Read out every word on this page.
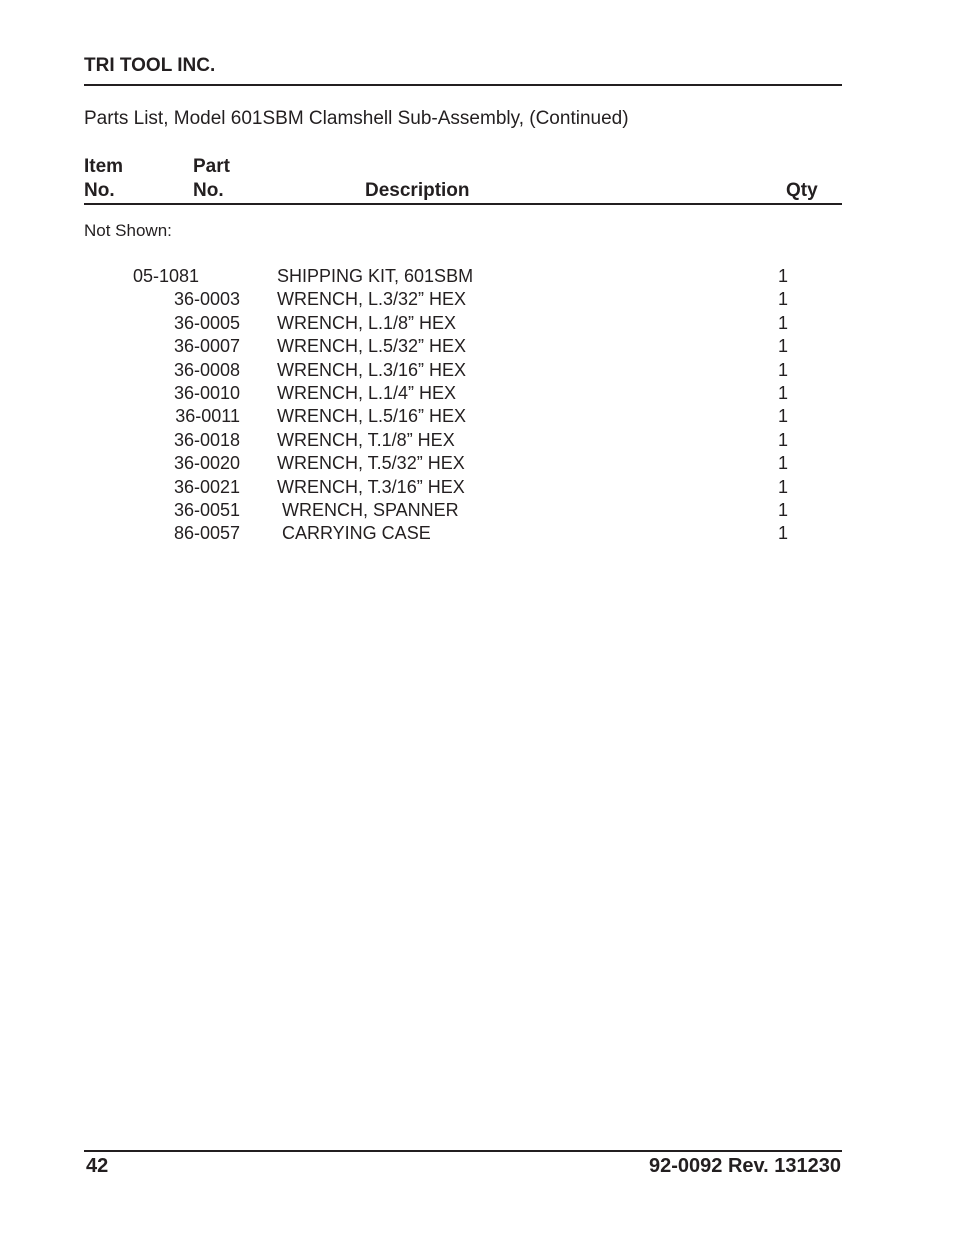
TRI TOOL INC.
Parts List, Model 601SBM Clamshell Sub-Assembly, (Continued)
Item
No.
Part
No.	Description	Qty
Not Shown:
05-1081	SHIPPING KIT, 601SBM	1
36-0003 WRENCH, L.3/32” HEX	1
36-0005 WRENCH, L.1/8” HEX	1
36-0007 WRENCH, L.5/32” HEX	1
36-0008 WRENCH, L.3/16” HEX	1
36-0010 WRENCH, L.1/4” HEX	1
36-0011 WRENCH, L.5/16” HEX	1
36-0018 WRENCH, T.1/8” HEX	1
36-0020 WRENCH, T.5/32” HEX	1
36-0021 WRENCH, T.3/16” HEX	1
36-0051 WRENCH, SPANNER	1
86-0057 CARRYING CASE	1
42	92-0092 Rev. 131230
